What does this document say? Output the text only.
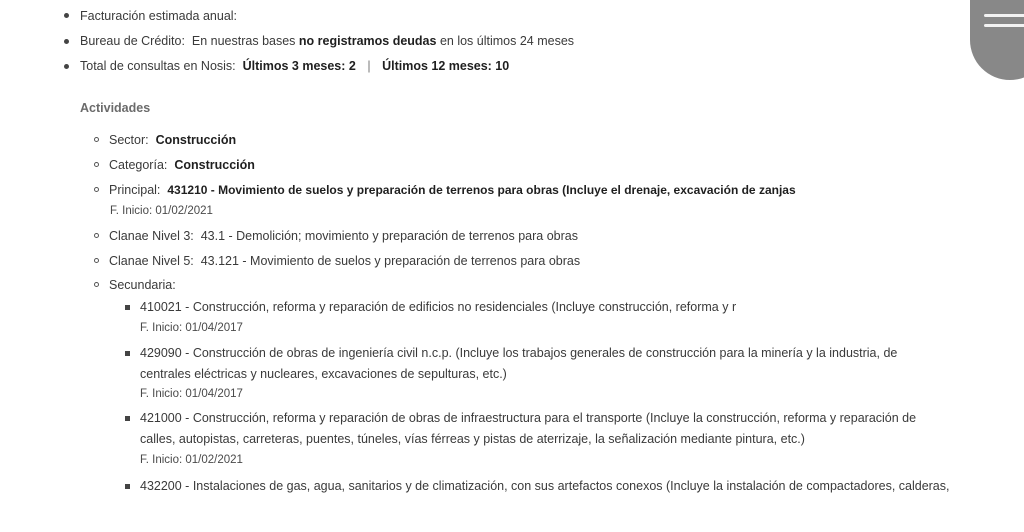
Facturación estimada anual:
Bureau de Crédito: En nuestras bases no registramos deudas en los últimos 24 meses
Total de consultas en Nosis: Últimos 3 meses: 2 | Últimos 12 meses: 10
Actividades
Sector: Construcción
Categoría: Construcción
Principal: 431210 - Movimiento de suelos y preparación de terrenos para obras (Incluye el drenaje, excavación de zanjas
F. Inicio: 01/02/2021
Clanae Nivel 3: 43.1 - Demolición; movimiento y preparación de terrenos para obras
Clanae Nivel 5: 43.121 - Movimiento de suelos y preparación de terrenos para obras
Secundaria:
410021 - Construcción, reforma y reparación de edificios no residenciales (Incluye construcción, reforma y r
F. Inicio: 01/04/2017
429090 - Construcción de obras de ingeniería civil n.c.p. (Incluye los trabajos generales de construcción para la minería y la industria, de
centrales eléctricas y nucleares, excavaciones de sepulturas, etc.)
F. Inicio: 01/04/2017
421000 - Construcción, reforma y reparación de obras de infraestructura para el transporte (Incluye la construcción, reforma y reparación de
calles, autopistas, carreteras, puentes, túneles, vías férreas y pistas de aterrizaje, la señalización mediante pintura, etc.)
F. Inicio: 01/02/2021
432200 - Instalaciones de gas, agua, sanitarios y de climatización, con sus artefactos conexos (Incluye la instalación de compactadores, calderas,
